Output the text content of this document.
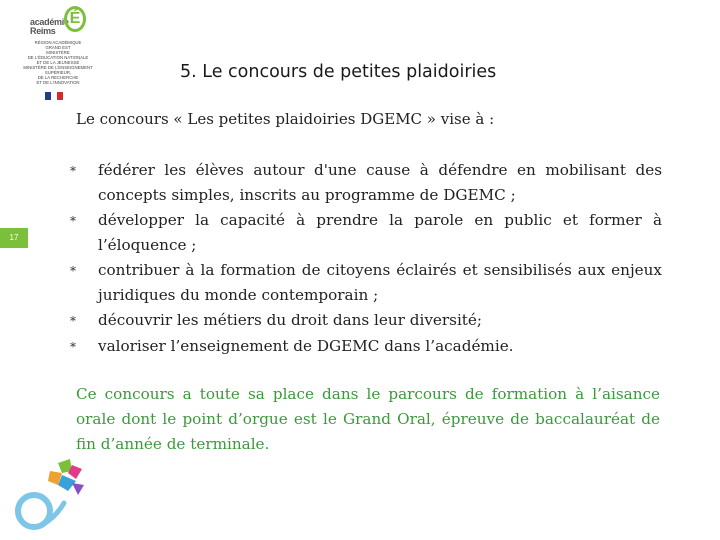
académie
Reims
É
RÉGION ACADÉMIQUE
GRAND EST
MINISTÈRE
DE L'ÉDUCATION NATIONALE
ET DE LA JEUNESSE
MINISTÈRE DE L'ENSEIGNEMENT SUPÉRIEUR,
DE LA RECHERCHE
ET DE L'INNOVATION
17
5. Le concours de petites plaidoiries
Le concours « Les petites plaidoiries DGEMC » vise à :
*	fédérer les élèves autour d'une cause à défendre en mobilisant des concepts simples, inscrits au programme de DGEMC ;
*	développer la capacité à prendre la parole en public et former à l’éloquence ;
*	contribuer à la formation de citoyens éclairés et sensibilisés aux enjeux juridiques du monde contemporain ;
*	découvrir les métiers du droit dans leur diversité;
*	valoriser l’enseignement de DGEMC dans l’académie.
Ce concours a toute sa place dans le parcours de formation à l’aisance orale dont le point d’orgue est le Grand Oral, épreuve de baccalauréat de fin d’année de terminale.
